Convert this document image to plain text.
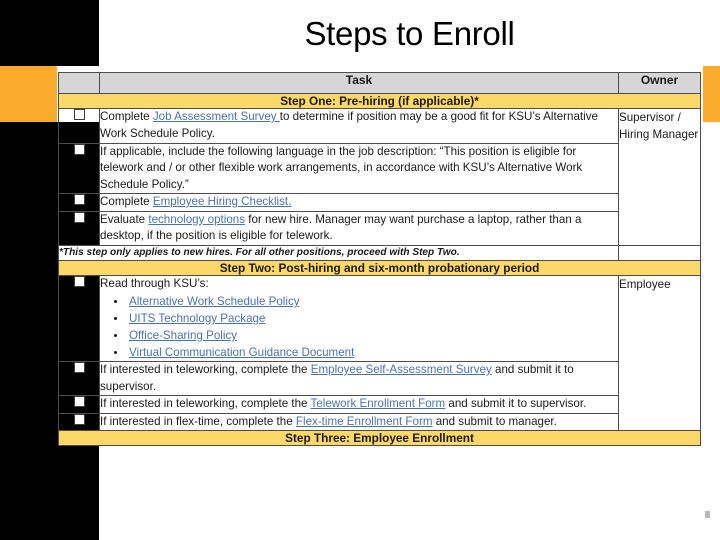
Steps to Enroll
	Task	Owner
Step One: Pre-hiring (if applicable)*		
	Complete Job Assessment Survey to determine if position may be a good fit for KSU’s Alternative Work Schedule Policy.	Supervisor / Hiring Manager
	If applicable, include the following language in the job description: “This position is eligible for telework and / or other flexible work arrangements, in accordance with KSU’s Alternative Work Schedule Policy.”	
	Complete Employee Hiring Checklist.	
	Evaluate technology options for new hire. Manager may want purchase a laptop, rather than a desktop, if the position is eligible for telework.	
*This step only applies to new hires. For all other positions, proceed with Step Two.		
Step Two: Post-hiring and six-month probationary period		
	Read through KSU’s:
• Alternative Work Schedule Policy
• UITS Technology Package
• Office-Sharing Policy
• Virtual Communication Guidance Document
	Employee
	If interested in teleworking, complete the Employee Self-Assessment Survey and submit it to supervisor.	
	If interested in teleworking, complete the Telework Enrollment Form and submit it to supervisor.	
	If interested in flex-time, complete the Flex-time Enrollment Form and submit to manager.	
Step Three: Employee Enrollment		
